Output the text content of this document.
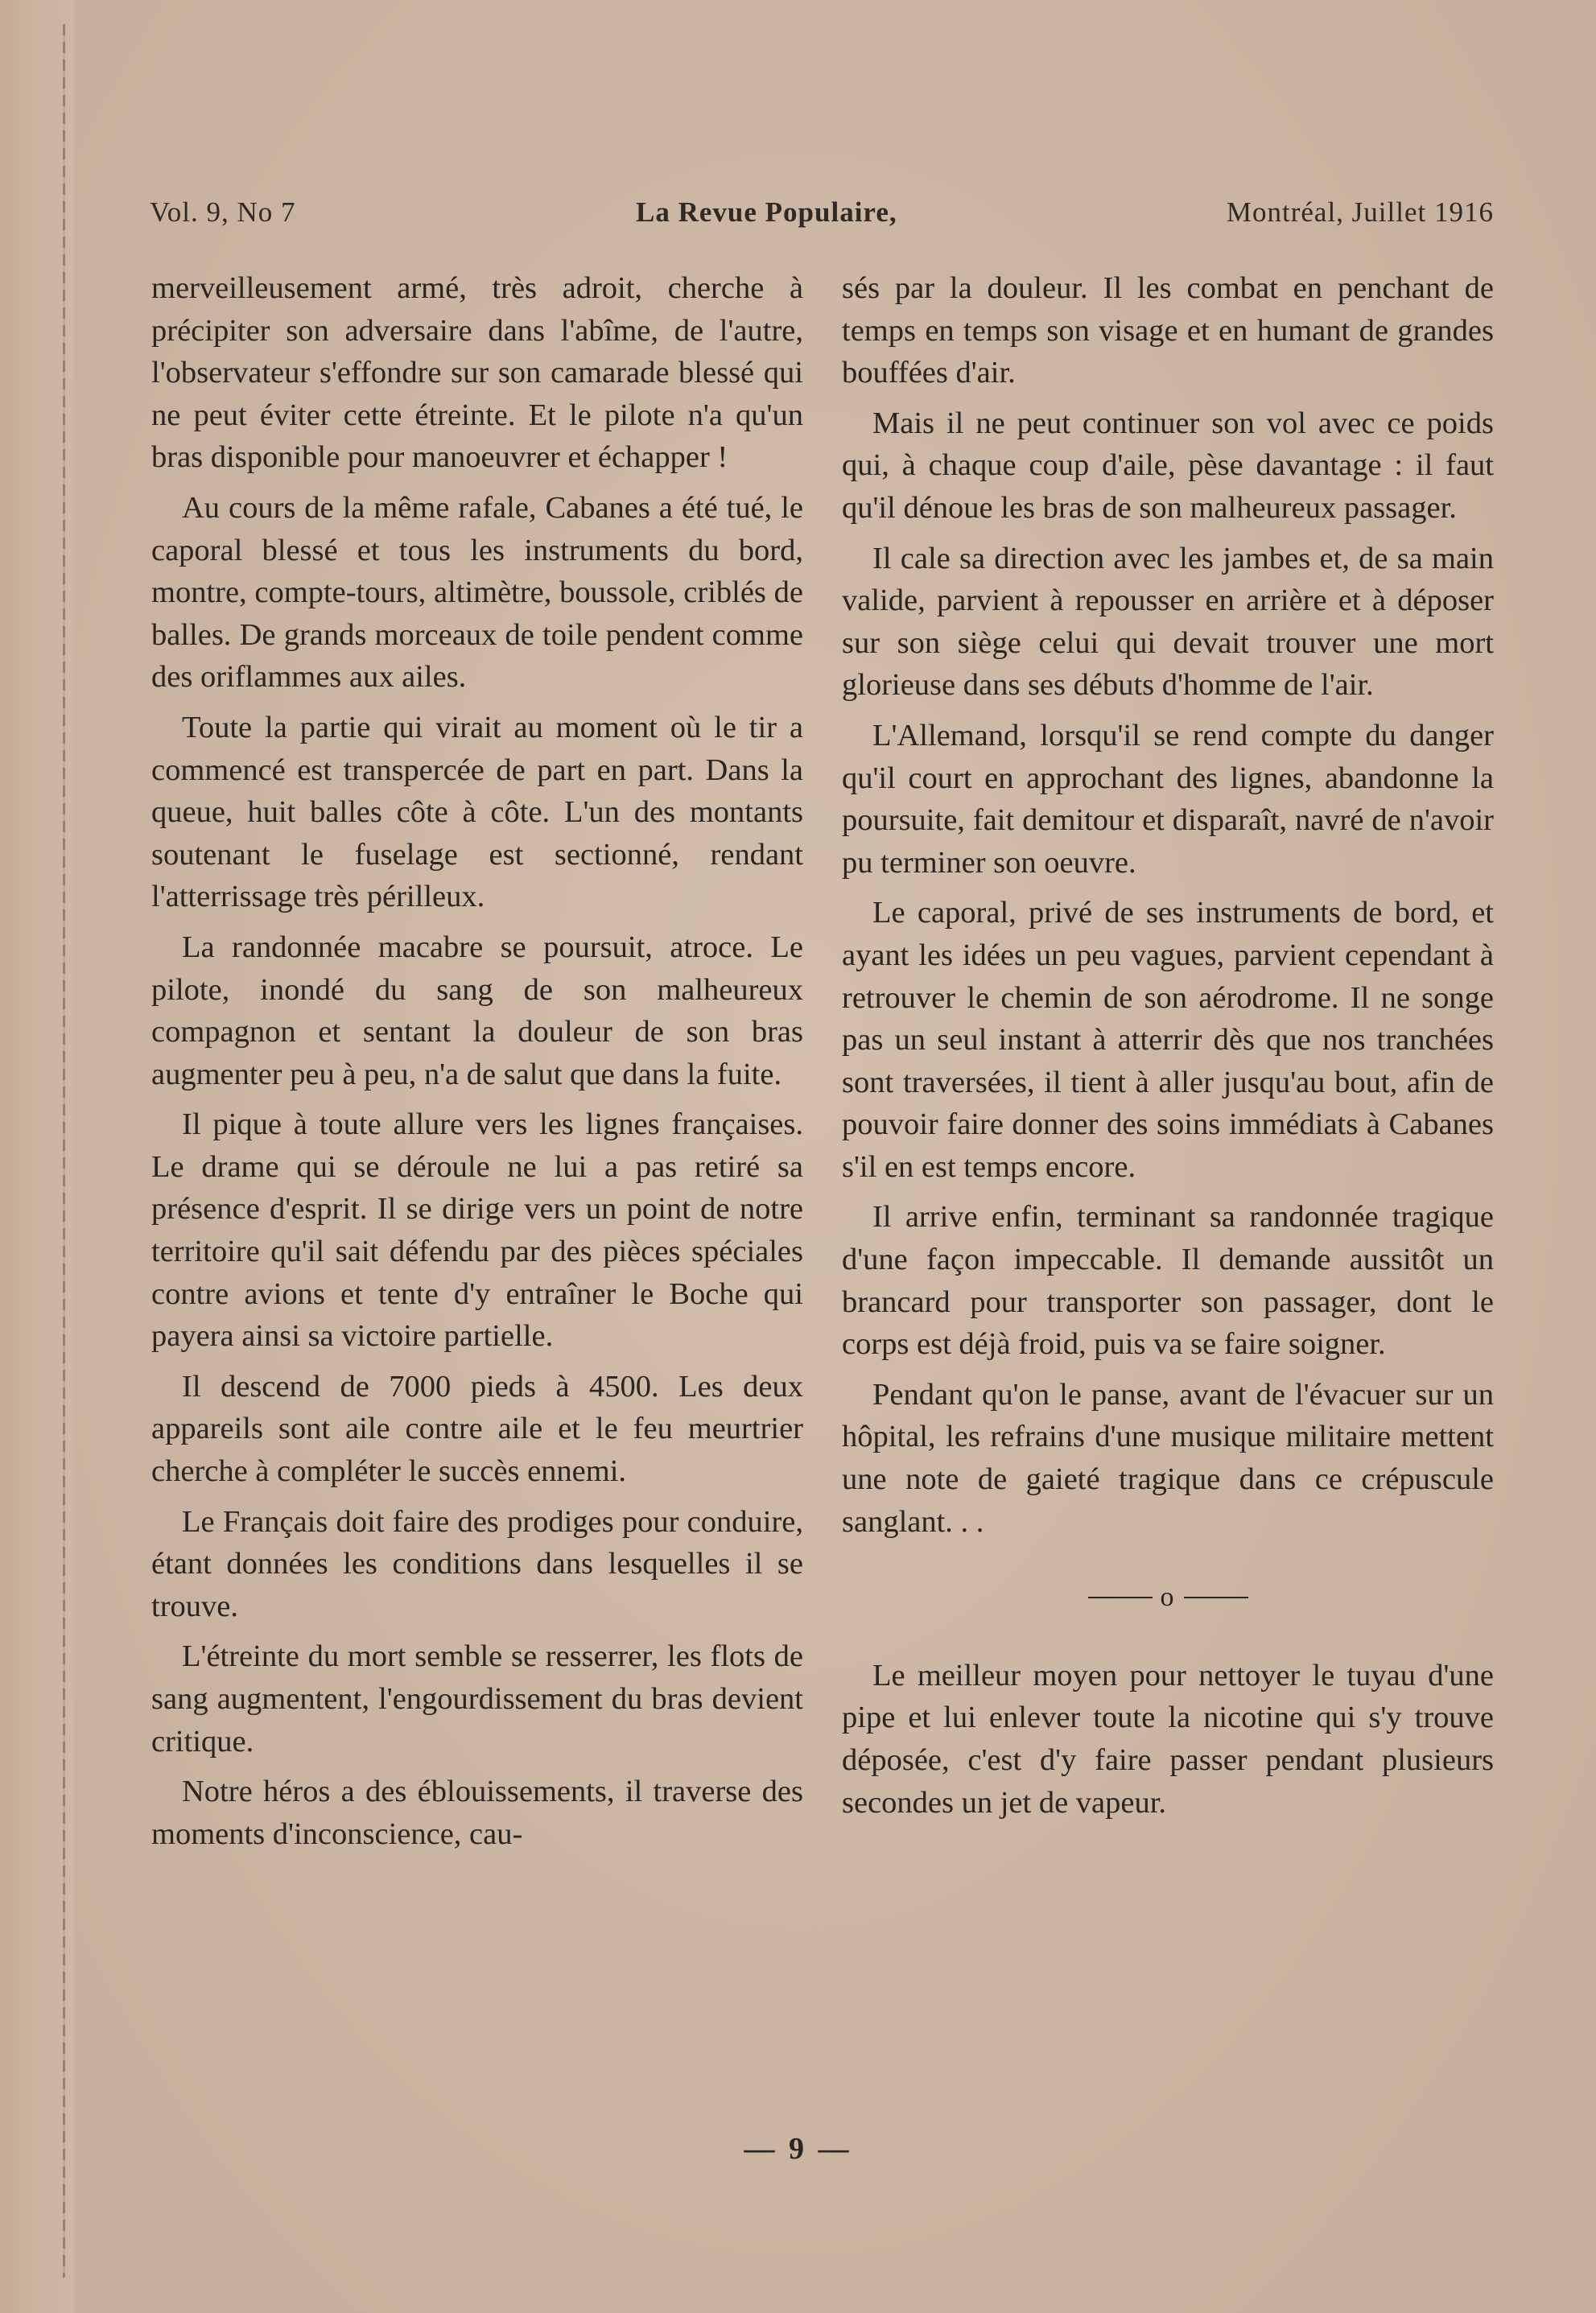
Vol. 9, No 7	La Revue Populaire,	Montréal, Juillet 1916

merveilleusement armé, très adroit, cherche à précipiter son adversaire dans l'abîme, de l'autre, l'observateur s'effondre sur son camarade blessé qui ne peut éviter cette étreinte. Et le pilote n'a qu'un bras disponible pour manoeuvrer et échapper !

Au cours de la même rafale, Cabanes a été tué, le caporal blessé et tous les instruments du bord, montre, compte-tours, altimètre, boussole, criblés de balles. De grands morceaux de toile pendent comme des oriflammes aux ailes.

Toute la partie qui virait au moment où le tir a commencé est transpercée de part en part. Dans la queue, huit balles côte à côte. L'un des montants soutenant le fuselage est sectionné, rendant l'atterrissage très périlleux.

La randonnée macabre se poursuit, atroce. Le pilote, inondé du sang de son malheureux compagnon et sentant la douleur de son bras augmenter peu à peu, n'a de salut que dans la fuite.

Il pique à toute allure vers les lignes françaises. Le drame qui se déroule ne lui a pas retiré sa présence d'esprit. Il se dirige vers un point de notre territoire qu'il sait défendu par des pièces spéciales contre avions et tente d'y entraîner le Boche qui payera ainsi sa victoire partielle.

Il descend de 7000 pieds à 4500. Les deux appareils sont aile contre aile et le feu meurtrier cherche à compléter le succès ennemi.

Le Français doit faire des prodiges pour conduire, étant données les conditions dans lesquelles il se trouve.

L'étreinte du mort semble se resserrer, les flots de sang augmentent, l'engourdissement du bras devient critique.

Notre héros a des éblouissements, il traverse des moments d'inconscience, cau-

sés par la douleur. Il les combat en penchant de temps en temps son visage et en humant de grandes bouffées d'air.

Mais il ne peut continuer son vol avec ce poids qui, à chaque coup d'aile, pèse davantage : il faut qu'il dénoue les bras de son malheureux passager.

Il cale sa direction avec les jambes et, de sa main valide, parvient à repousser en arrière et à déposer sur son siège celui qui devait trouver une mort glorieuse dans ses débuts d'homme de l'air.

L'Allemand, lorsqu'il se rend compte du danger qu'il court en approchant des lignes, abandonne la poursuite, fait demitour et disparaît, navré de n'avoir pu terminer son oeuvre.

Le caporal, privé de ses instruments de bord, et ayant les idées un peu vagues, parvient cependant à retrouver le chemin de son aérodrome. Il ne songe pas un seul instant à atterrir dès que nos tranchées sont traversées, il tient à aller jusqu'au bout, afin de pouvoir faire donner des soins immédiats à Cabanes s'il en est temps encore.

Il arrive enfin, terminant sa randonnée tragique d'une façon impeccable. Il demande aussitôt un brancard pour transporter son passager, dont le corps est déjà froid, puis va se faire soigner.

Pendant qu'on le panse, avant de l'évacuer sur un hôpital, les refrains d'une musique militaire mettent une note de gaieté tragique dans ce crépuscule sanglant. . .

o

Le meilleur moyen pour nettoyer le tuyau d'une pipe et lui enlever toute la nicotine qui s'y trouve déposée, c'est d'y faire passer pendant plusieurs secondes un jet de vapeur.

— 9 —
